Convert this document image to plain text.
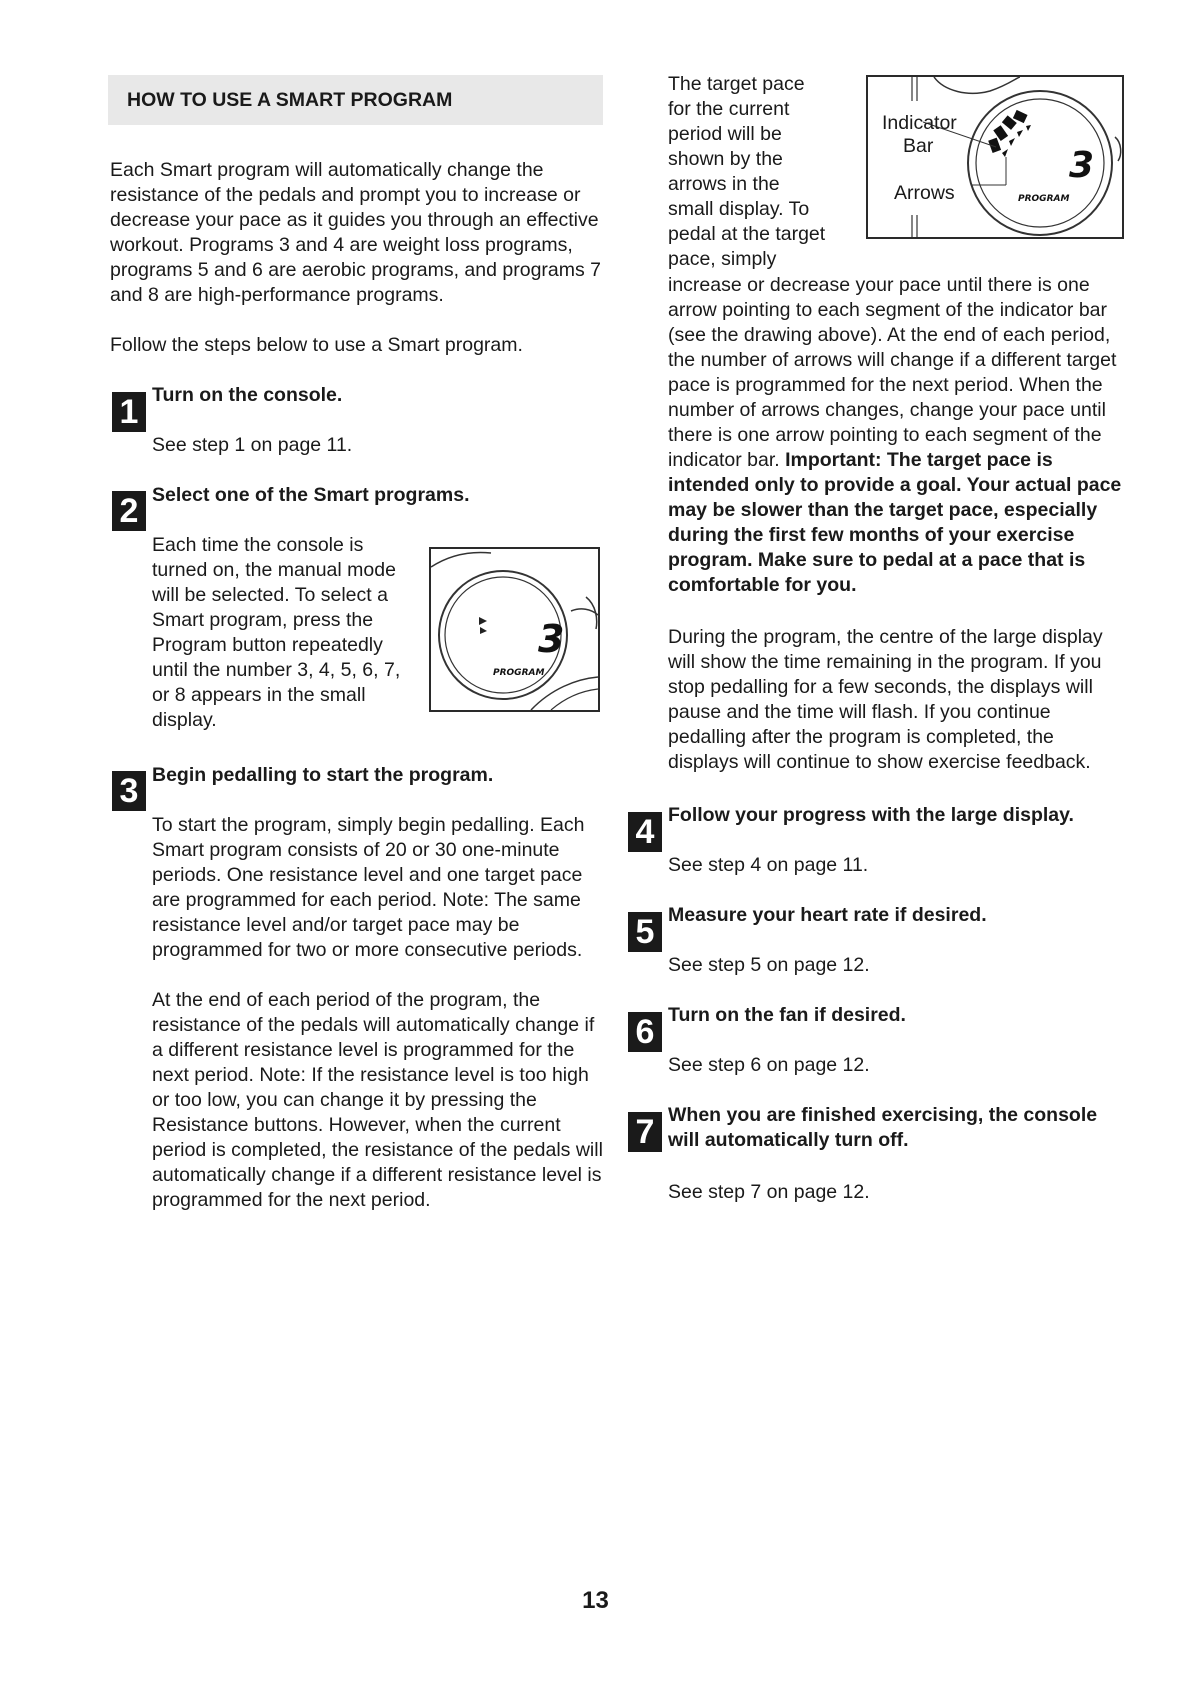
HOW TO USE A SMART PROGRAM

Each Smart program will automatically change the resistance of the pedals and prompt you to increase or decrease your pace as it guides you through an effective workout. Programs 3 and 4 are weight loss programs, programs 5 and 6 are aerobic programs, and programs 7 and 8 are high-performance programs.

Follow the steps below to use a Smart program.

1 Turn on the console.

See step 1 on page 11.

2 Select one of the Smart programs.

Each time the console is turned on, the manual mode will be selected. To select a Smart program, press the Program button repeatedly until the number 3, 4, 5, 6, 7, or 8 appears in the small display.

3
PROGRAM
3 Begin pedalling to start the program.

To start the program, simply begin pedalling. Each Smart program consists of 20 or 30 one-minute periods. One resistance level and one target pace are programmed for each period. Note: The same resistance level and/or target pace may be programmed for two or more consecutive periods.

At the end of each period of the program, the resistance of the pedals will automatically change if a different resistance level is programmed for the next period. Note: If the resistance level is too high or too low, you can change it by pressing the Resistance buttons. However, when the current period is completed, the resistance of the pedals will automatically change if a different resistance level is programmed for the next period.

The target pace

for the current

period will be

shown by the

arrows in the

small display. To

pedal at the target

pace, simply

3
PROGRAM
Indicator
Bar
Arrows

increase or decrease your pace until there is one arrow pointing to each segment of the indicator bar (see the drawing above). At the end of each period, the number of arrows will change if a different target pace is programmed for the next period. When the number of arrows changes, change your pace until there is one arrow pointing to each segment of the indicator bar. Important: The target pace is intended only to provide a goal. Your actual pace may be slower than the target pace, especially during the first few months of your exercise program. Make sure to pedal at a pace that is comfortable for you.

During the program, the centre of the large display will show the time remaining in the program. If you stop pedalling for a few seconds, the displays will pause and the time will flash. If you continue pedalling after the program is completed, the displays will continue to show exercise feedback.

4 Follow your progress with the large display.

See step 4 on page 11.

5 Measure your heart rate if desired.

See step 5 on page 12.

6 Turn on the fan if desired.

See step 6 on page 12.

7 When you are finished exercising, the console will automatically turn off.

See step 7 on page 12.

13
